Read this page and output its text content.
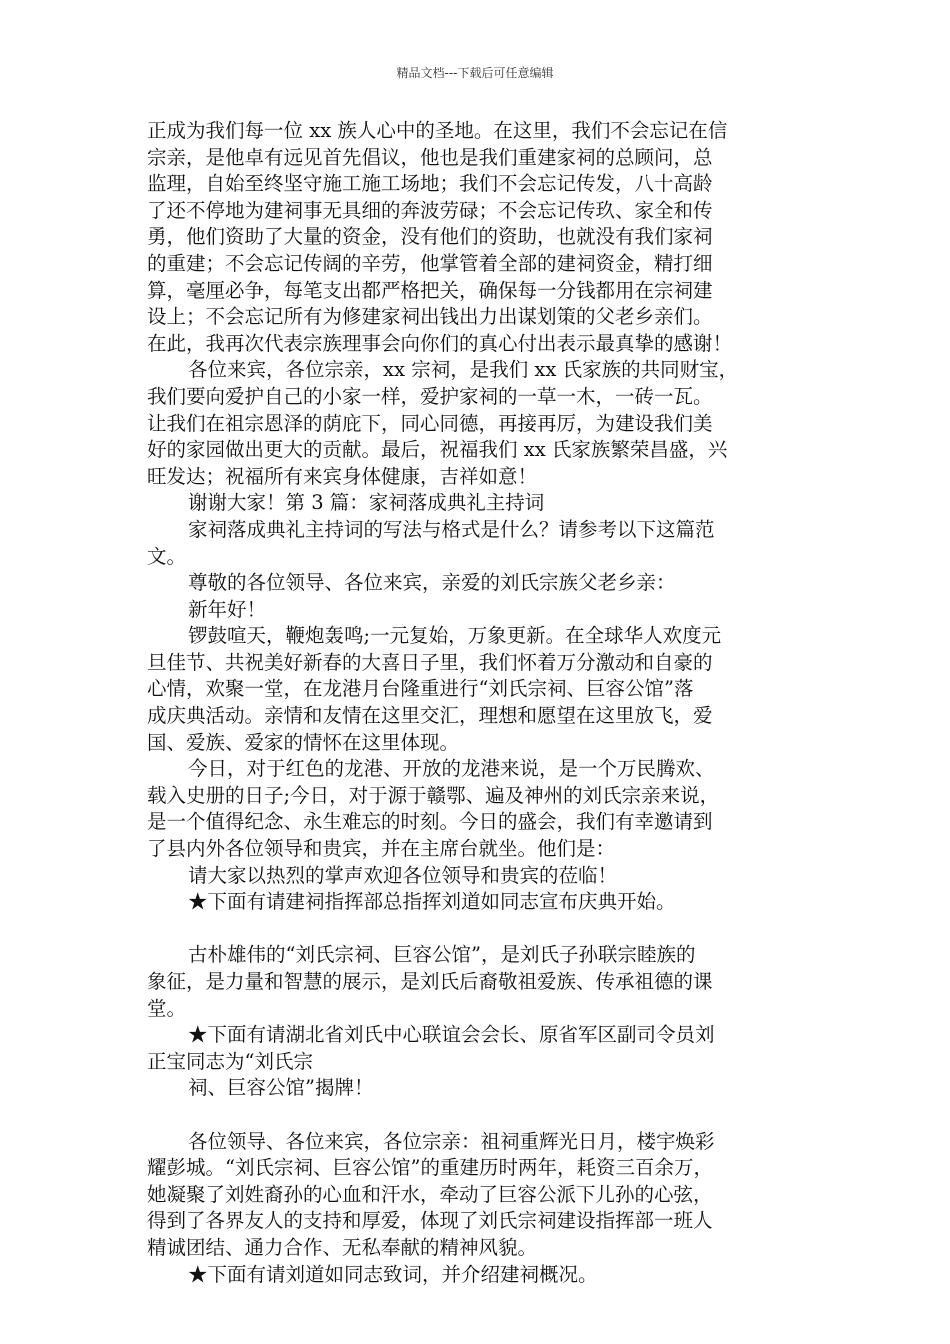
精品文档---下载后可任意编辑
正成为我们每一位 xx 族人心中的圣地。在这里，我们不会忘记在信
宗亲，是他卓有远见首先倡议，他也是我们重建家祠的总顾问，总
监理，自始至终坚守施工施工场地；我们不会忘记传发，八十高龄
了还不停地为建祠事无具细的奔波劳碌；不会忘记传玖、家全和传
勇，他们资助了大量的资金，没有他们的资助，也就没有我们家祠
的重建；不会忘记传阔的辛劳，他掌管着全部的建祠资金，精打细
算，毫厘必争，每笔支出都严格把关，确保每一分钱都用在宗祠建
设上；不会忘记所有为修建家祠出钱出力出谋划策的父老乡亲们。
在此，我再次代表宗族理事会向你们的真心付出表示最真挚的感谢！
各位来宾，各位宗亲，xx 宗祠，是我们 xx 氏家族的共同财宝，
我们要向爱护自己的小家一样，爱护家祠的一草一木，一砖一瓦。
让我们在祖宗恩泽的荫庇下，同心同德，再接再厉，为建设我们美
好的家园做出更大的贡献。最后，祝福我们 xx 氏家族繁荣昌盛，兴
旺发达；祝福所有来宾身体健康，吉祥如意！
谢谢大家！第 3 篇：家祠落成典礼主持词
家祠落成典礼主持词的写法与格式是什么？请参考以下这篇范
文。
尊敬的各位领导、各位来宾，亲爱的刘氏宗族父老乡亲：
新年好！
锣鼓喧天，鞭炮轰鸣;一元复始，万象更新。在全球华人欢度元
旦佳节、共祝美好新春的大喜日子里，我们怀着万分激动和自豪的
心情，欢聚一堂，在龙港月台隆重进行“刘氏宗祠、巨容公馆”落
成庆典活动。亲情和友情在这里交汇，理想和愿望在这里放飞，爱
国、爱族、爱家的情怀在这里体现。
今日，对于红色的龙港、开放的龙港来说，是一个万民腾欢、
载入史册的日子;今日，对于源于赣鄂、遍及神州的刘氏宗亲来说，
是一个值得纪念、永生难忘的时刻。今日的盛会，我们有幸邀请到
了县内外各位领导和贵宾，并在主席台就坐。他们是：
请大家以热烈的掌声欢迎各位领导和贵宾的莅临！
★下面有请建祠指挥部总指挥刘道如同志宣布庆典开始。
古朴雄伟的“刘氏宗祠、巨容公馆”，是刘氏子孙联宗睦族的
象征，是力量和智慧的展示，是刘氏后裔敬祖爱族、传承祖德的课
堂。
★下面有请湖北省刘氏中心联谊会会长、原省军区副司令员刘
正宝同志为“刘氏宗
祠、巨容公馆”揭牌！
各位领导、各位来宾，各位宗亲：祖祠重辉光日月，楼宇焕彩
耀彭城。“刘氏宗祠、巨容公馆”的重建历时两年，耗资三百余万，
她凝聚了刘姓裔孙的心血和汗水，牵动了巨容公派下儿孙的心弦，
得到了各界友人的支持和厚爱，体现了刘氏宗祠建设指挥部一班人
精诚团结、通力合作、无私奉献的精神风貌。
★下面有请刘道如同志致词，并介绍建祠概况。
